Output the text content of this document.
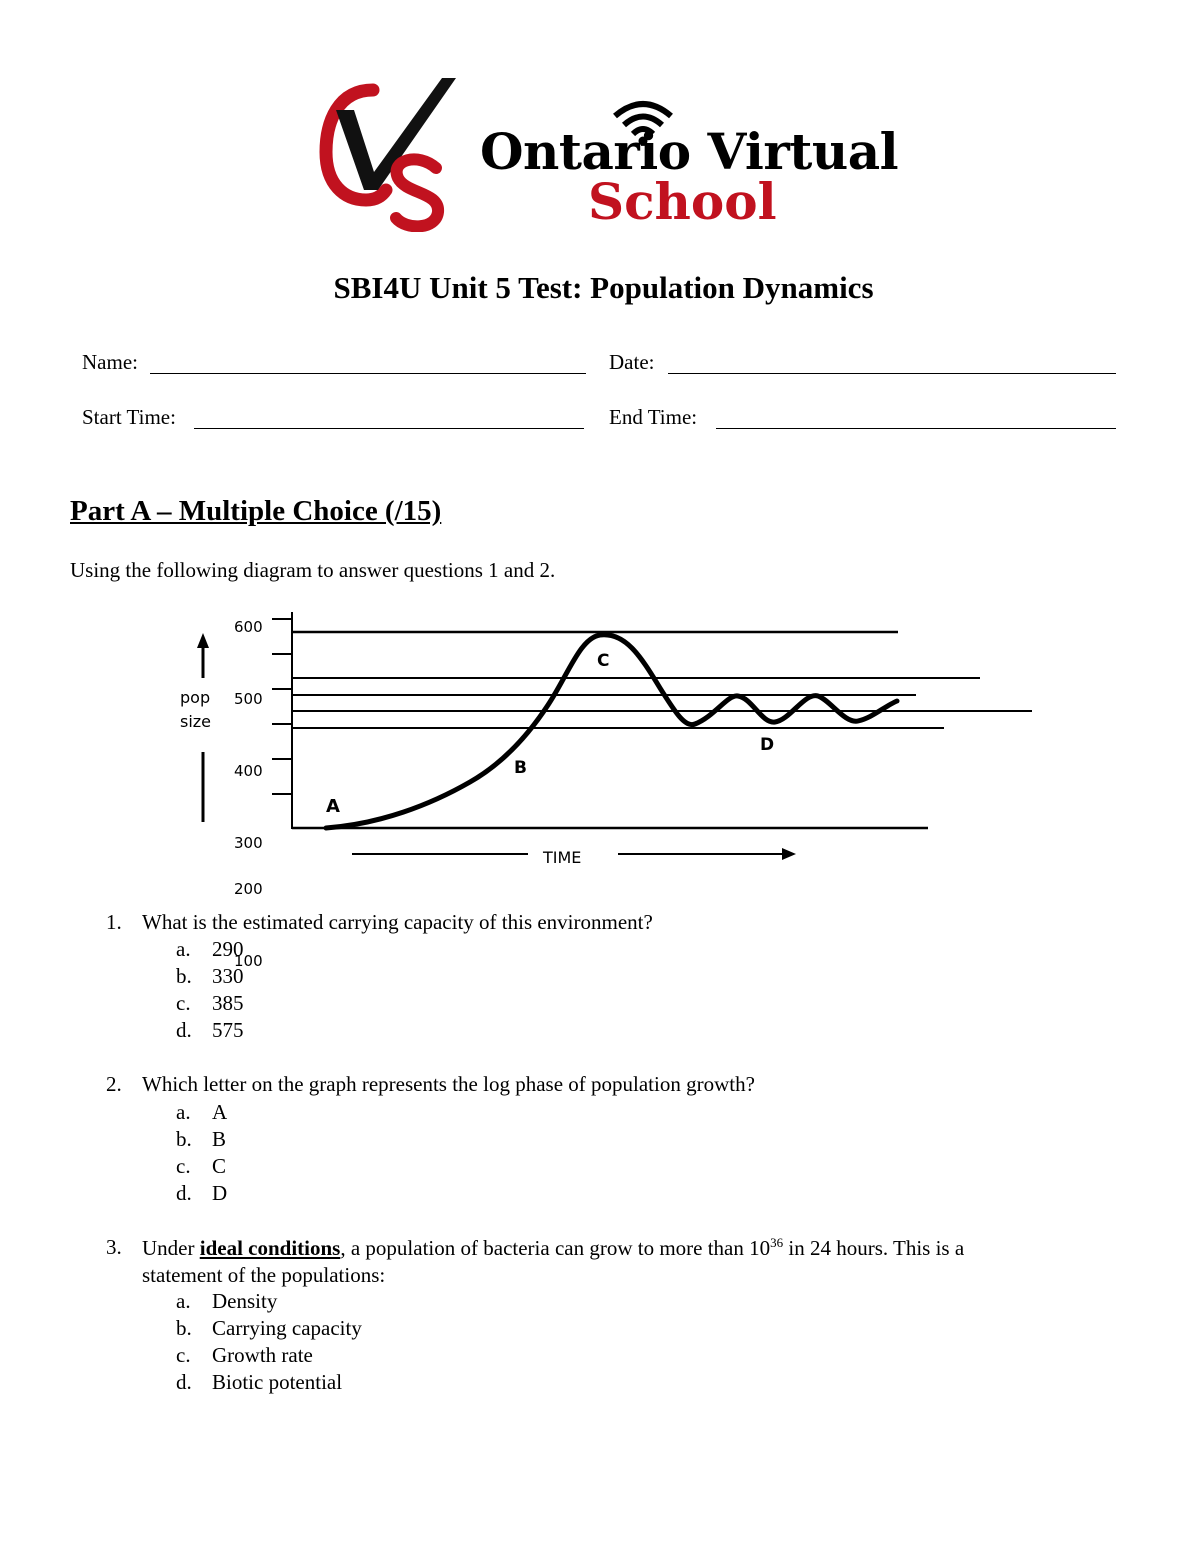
Ontario Virtual
School
SBI4U Unit 5 Test: Population Dynamics
Name:	Date:
Start Time:	End Time:
Part A – Multiple Choice (/15)
Using the following diagram to answer questions 1 and 2.
A
B
C
D
600
500
400
300
200
100
pop size
TIME
1. What is the estimated carrying capacity of this environment?
a. 290
b. 330
c. 385
d. 575
2. Which letter on the graph represents the log phase of population growth?
a. A
b. B
c. C
d. D
3. Under ideal conditions, a population of bacteria can grow to more than $10^{36}$ in 24 hours. This is a
statement of the populations:
a. Density
b. Carrying capacity
c. Growth rate
d. Biotic potential
